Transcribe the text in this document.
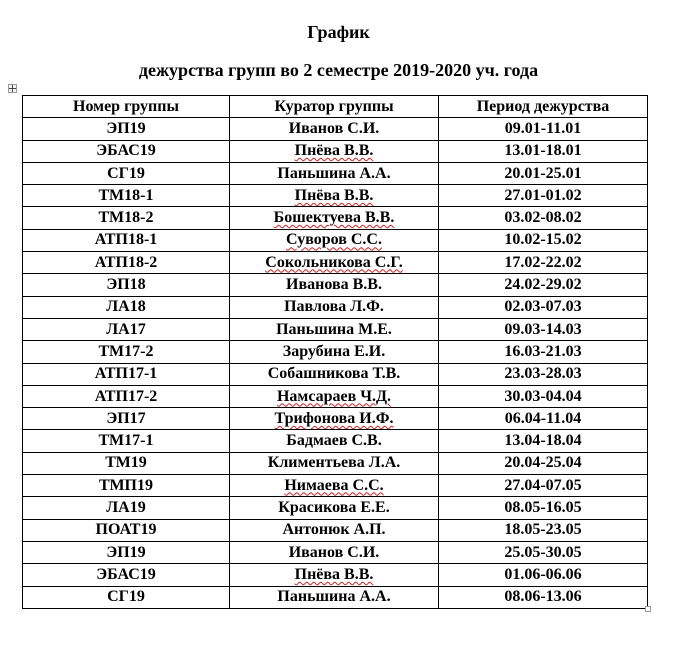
График
дежурства групп во 2 семестре 2019-2020 уч. года
Номер группы	Куратор группы	Период дежурства
ЭП19	Иванов С.И.	09.01-11.01
ЭБАС19	Пнёва В.В.	13.01-18.01
СГ19	Паньшина А.А.	20.01-25.01
ТМ18-1	Пнёва В.В.	27.01-01.02
ТМ18-2	Бошектуева В.В.	03.02-08.02
АТП18-1	Суворов С.С.	10.02-15.02
АТП18-2	Сокольникова С.Г.	17.02-22.02
ЭП18	Иванова В.В.	24.02-29.02
ЛА18	Павлова Л.Ф.	02.03-07.03
ЛА17	Паньшина М.Е.	09.03-14.03
ТМ17-2	Зарубина Е.И.	16.03-21.03
АТП17-1	Собашникова Т.В.	23.03-28.03
АТП17-2	Намсараев Ч.Д.	30.03-04.04
ЭП17	Трифонова И.Ф.	06.04-11.04
ТМ17-1	Бадмаев С.В.	13.04-18.04
ТМ19	Климентьева Л.А.	20.04-25.04
ТМП19	Нимаева С.С.	27.04-07.05
ЛА19	Красикова Е.Е.	08.05-16.05
ПОАТ19	Антонюк А.П.	18.05-23.05
ЭП19	Иванов С.И.	25.05-30.05
ЭБАС19	Пнёва В.В.	01.06-06.06
СГ19	Паньшина А.А.	08.06-13.06
